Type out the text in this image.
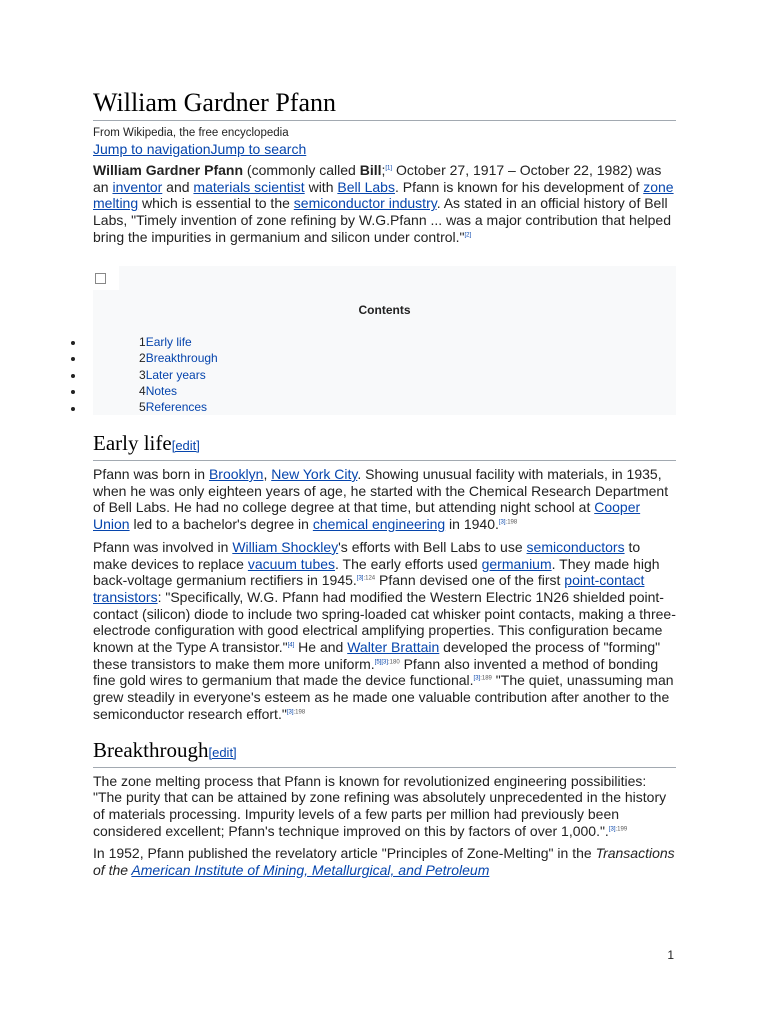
William Gardner Pfann
From Wikipedia, the free encyclopedia
Jump to navigationJump to search

William Gardner Pfann (commonly called Bill;[1] October 27, 1917 – October 22, 1982) was an inventor and materials scientist with Bell Labs. Pfann is known for his development of zone melting which is essential to the semiconductor industry. As stated in an official history of Bell Labs, "Timely invention of zone refining by W.G.Pfann ... was a major contribution that helped bring the impurities in germanium and silicon under control."[2]

Contents
1Early life
2Breakthrough
3Later years
4Notes
5References
Early life[edit]

Pfann was born in Brooklyn, New York City. Showing unusual facility with materials, in 1935, when he was only eighteen years of age, he started with the Chemical Research Department of Bell Labs. He had no college degree at that time, but attending night school at Cooper Union led to a bachelor's degree in chemical engineering in 1940.$^{[3]:198}$

Pfann was involved in William Shockley's efforts with Bell Labs to use semiconductors to make devices to replace vacuum tubes. The early efforts used germanium. They made high back-voltage germanium rectifiers in 1945.$^{[3]:124}$ Pfann devised one of the first point-contact transistors: "Specifically, W.G. Pfann had modified the Western Electric 1N26 shielded point-contact (silicon) diode to include two spring-loaded cat whisker point contacts, making a three-electrode configuration with good electrical amplifying properties. This configuration became known at the Type A transistor."[4] He and Walter Brattain developed the process of "forming" these transistors to make them more uniform.$^{[5][3]:180}$ Pfann also invented a method of bonding fine gold wires to germanium that made the device functional.$^{[3]:189}$ "The quiet, unassuming man grew steadily in everyone's esteem as he made one valuable contribution after another to the semiconductor research effort."$^{[3]:198}$

Breakthrough[edit]

The zone melting process that Pfann is known for revolutionized engineering possibilities: "The purity that can be attained by zone refining was absolutely unprecedented in the history of materials processing. Impurity levels of a few parts per million had previously been considered excellent; Pfann's technique improved on this by factors of over 1,000.".$^{[3]:199}$

In 1952, Pfann published the revelatory article "Principles of Zone-Melting" in the Transactions of the American Institute of Mining, Metallurgical, and Petroleum

1
